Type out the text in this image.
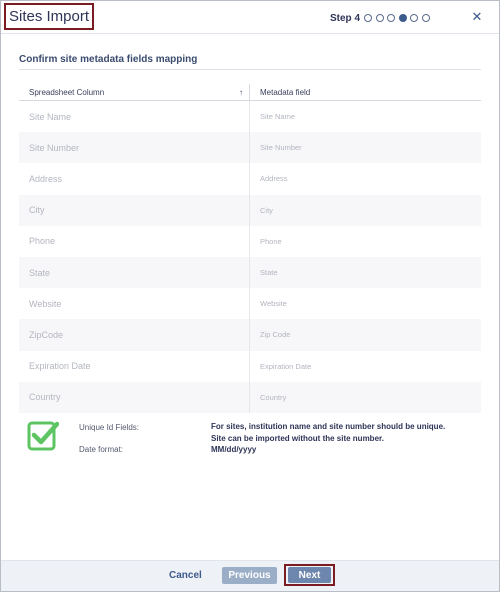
Sites Import	Step 4	✕
Confirm site metadata fields mapping
Spreadsheet Column	↑	Metadata field
Site Name	Site Name
Site Number	Site Number
Address	Address
City	City
Phone	Phone
State	State
Website	Website
ZipCode	Zip Code
Expiration Date	Expiration Date
Country	Country
Unique Id Fields:	For sites, institution name and site number should be unique.
Site can be imported without the site number.
Date format:	MM/dd/yyyy
Cancel	Previous	Next
